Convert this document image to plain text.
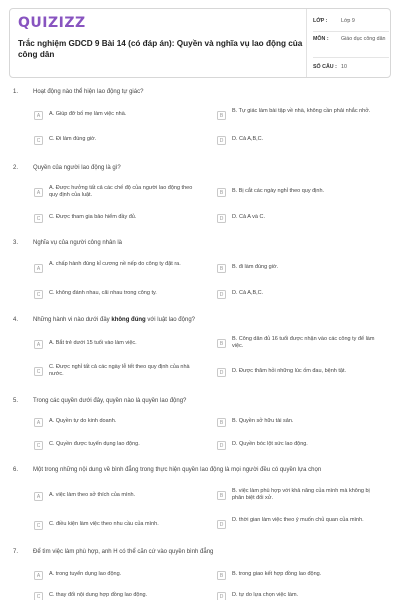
QUIZIZZ
Trắc nghiệm GDCD 9 Bài 14 (có đáp án): Quyền và nghĩa vụ lao động của công dân
LỚP :	Lớp 9
MÔN :	Giáo dục công dân
SỐ CÂU : 10
1. Hoạt động nào thể hiện lao động tự giác?
A	A. Giúp đỡ bố mẹ làm việc nhà.	B
B. Tự giác làm bài tập về nhà, không cần phải nhắc nhở.
C	C. Đi làm đúng giờ.	D	D. Cả A,B,C.
2. Quyền của người lao động là gì?
A
A. Được hưởng tất cả các chế độ của người lao động theo quy định của luật.	B	B. Bị cắt các ngày nghỉ theo quy định.
C	C. Được tham gia bảo hiểm đầy đủ.	D	D. Cả A và C.
3. Nghĩa vụ của người công nhân là
A
A. chấp hành đúng kỉ cương nề nếp do công ty đặt ra.
B	B. đi làm đúng giờ.
C	C. không đánh nhau, cãi nhau trong công ty.	D	D. Cả A,B,C.
4. Những hành vi nào dưới đây không đúng với luật lao động?
A	A. Bắt trẻ dưới 15 tuổi vào làm việc.	B
B. Công dân đủ 16 tuổi được nhận vào các công ty để làm việc.
C
C. Được nghỉ tất cả các ngày lễ tết theo quy định của nhà nước.	D	D. Được thăm hỏi những lúc ốm đau, bệnh tật.
5. Trong các quyền dưới đây, quyền nào là quyền lao động?
A	A. Quyền tự do kinh doanh.	B	B. Quyền sở hữu tài sản.
C	C. Quyền được tuyển dụng lao động.	D	D. Quyền bóc lột sức lao động.
6. Một trong những nội dung về bình đẳng trong thực hiện quyền lao động là mọi người đều có quyền lựa chọn
A	A. việc làm theo sở thích của mình.	B
B. việc làm phù hợp với khả năng của mình mà không bị phân biệt đối xử.
C	C. điều kiện làm việc theo nhu cầu của mình.	D
D. thời gian làm việc theo ý muốn chủ quan của mình.
7. Để tìm việc làm phù hợp, anh H có thể căn cứ vào quyền bình đẳng
A	A. trong tuyển dụng lao động.	B	B. trong giao kết hợp đồng lao động.
C	C. thay đổi nội dung hợp đồng lao động.	D	D. tự do lựa chọn việc làm.
